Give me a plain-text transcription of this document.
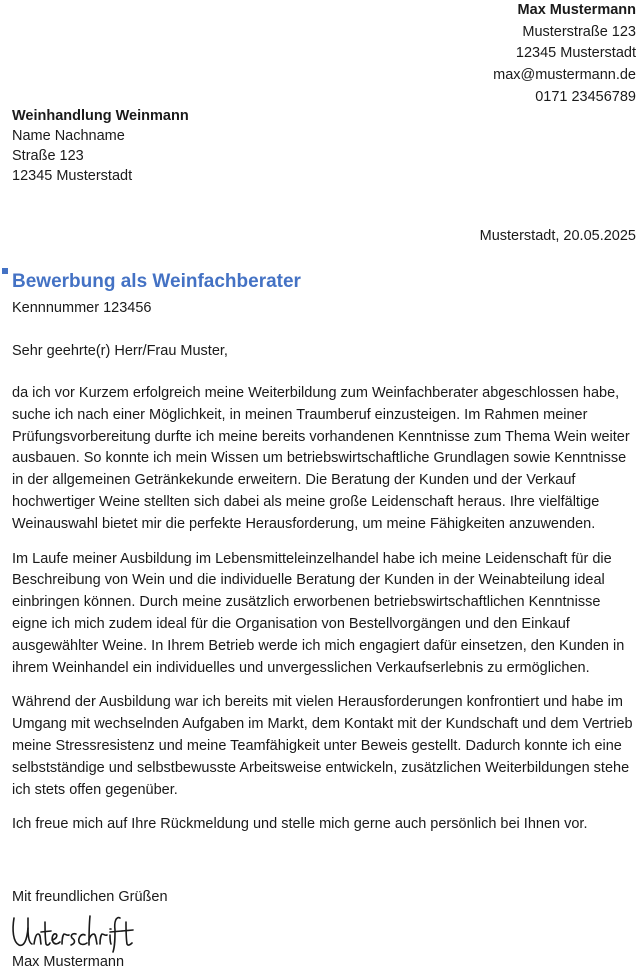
Max Mustermann
Musterstraße 123
12345 Musterstadt
max@mustermann.de
0171 23456789
Weinhandlung Weinmann
Name Nachname
Straße 123
12345 Musterstadt
Musterstadt, 20.05.2025
Bewerbung als Weinfachberater
Kennnummer 123456
Sehr geehrte(r) Herr/Frau Muster,

da ich vor Kurzem erfolgreich meine Weiterbildung zum Weinfachberater abgeschlossen habe, suche ich nach einer Möglichkeit, in meinen Traumberuf einzusteigen. Im Rahmen meiner Prüfungsvorbereitung durfte ich meine bereits vorhandenen Kenntnisse zum Thema Wein weiter ausbauen. So konnte ich mein Wissen um betriebswirtschaftliche Grundlagen sowie Kenntnisse in der allgemeinen Getränkekunde erweitern. Die Beratung der Kunden und der Verkauf hochwertiger Weine stellten sich dabei als meine große Leidenschaft heraus. Ihre vielfältige Weinauswahl bietet mir die perfekte Herausforderung, um meine Fähigkeiten anzuwenden.

Im Laufe meiner Ausbildung im Lebensmitteleinzelhandel habe ich meine Leidenschaft für die Beschreibung von Wein und die individuelle Beratung der Kunden in der Weinabteilung ideal einbringen können. Durch meine zusätzlich erworbenen betriebswirtschaftlichen Kenntnisse eigne ich mich zudem ideal für die Organisation von Bestellvorgängen und den Einkauf ausgewählter Weine. In Ihrem Betrieb werde ich mich engagiert dafür einsetzen, den Kunden in ihrem Weinhandel ein individuelles und unvergesslichen Verkaufserlebnis zu ermöglichen.

Während der Ausbildung war ich bereits mit vielen Herausforderungen konfrontiert und habe im Umgang mit wechselnden Aufgaben im Markt, dem Kontakt mit der Kundschaft und dem Vertrieb meine Stressresistenz und meine Teamfähigkeit unter Beweis gestellt. Dadurch konnte ich eine selbstständige und selbstbewusste Arbeitsweise entwickeln, zusätzlichen Weiterbildungen stehe ich stets offen gegenüber.

Ich freue mich auf Ihre Rückmeldung und stelle mich gerne auch persönlich bei Ihnen vor.

Mit freundlichen Grüßen
Max Mustermann
